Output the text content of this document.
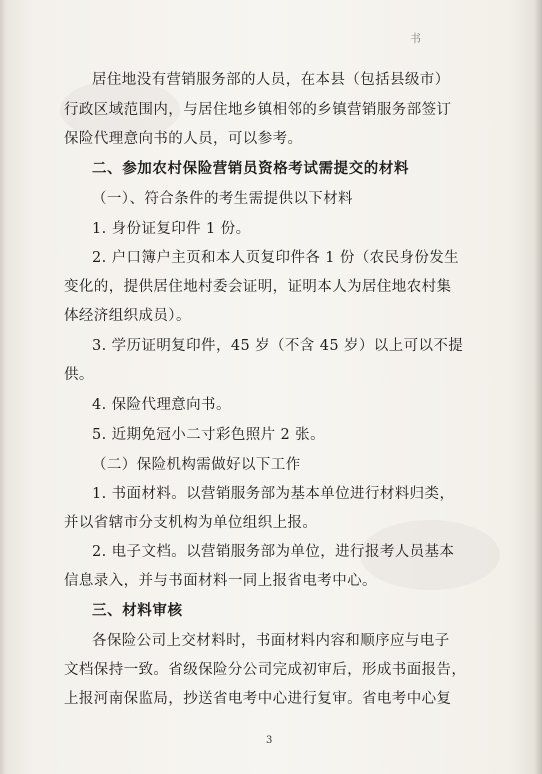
书
居住地没有营销服务部的人员，在本县（包括县级市）
行政区域范围内，与居住地乡镇相邻的乡镇营销服务部签订
保险代理意向书的人员，可以参考。
二、参加农村保险营销员资格考试需提交的材料
（一）、符合条件的考生需提供以下材料
1. 身份证复印件 1 份。
2. 户口簿户主页和本人页复印件各 1 份（农民身份发生
变化的，提供居住地村委会证明，证明本人为居住地农村集
体经济组织成员）。
3. 学历证明复印件，45 岁（不含 45 岁）以上可以不提
供。
4. 保险代理意向书。
5. 近期免冠小二寸彩色照片 2 张。
（二）保险机构需做好以下工作
1. 书面材料。以营销服务部为基本单位进行材料归类，
并以省辖市分支机构为单位组织上报。
2. 电子文档。以营销服务部为单位，进行报考人员基本
信息录入，并与书面材料一同上报省电考中心。
三、材料审核
各保险公司上交材料时，书面材料内容和顺序应与电子
文档保持一致。省级保险分公司完成初审后，形成书面报告，
上报河南保监局，抄送省电考中心进行复审。省电考中心复
3
